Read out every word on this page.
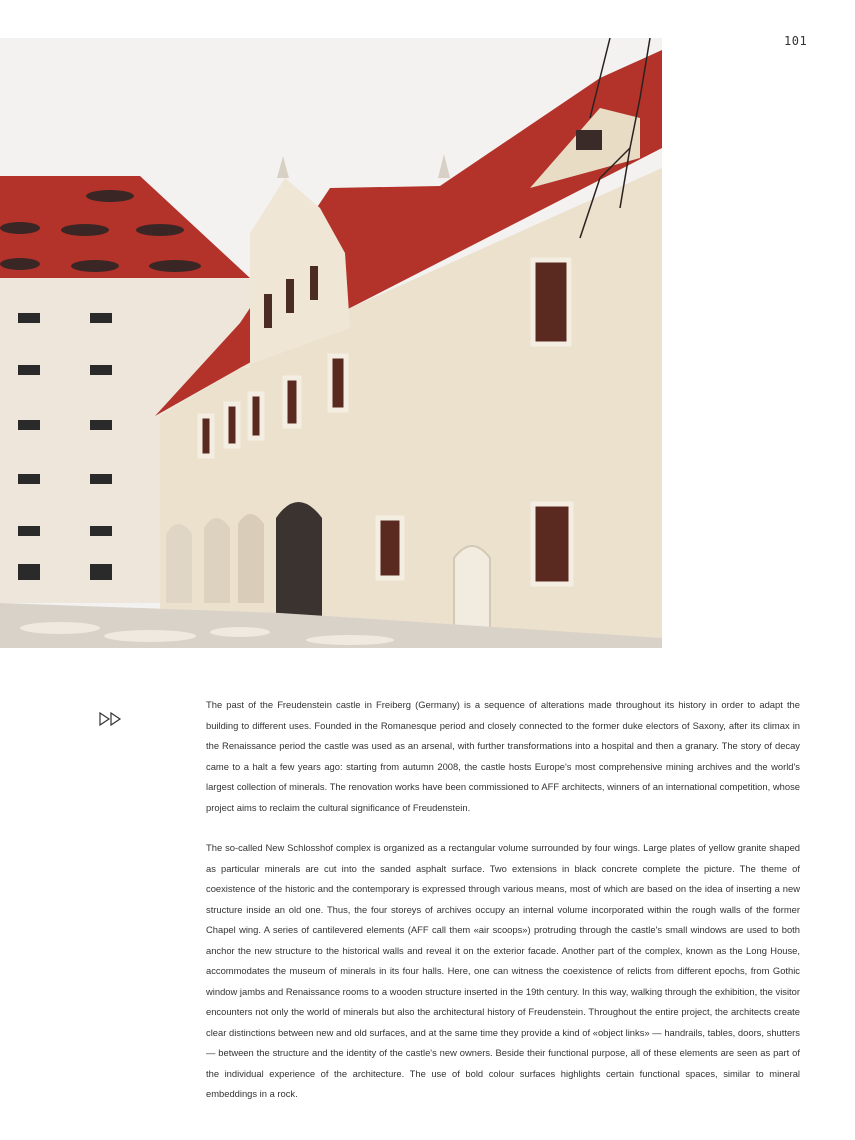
101

The past of the Freudenstein castle in Freiberg (Germany) is a sequence of alterations made throughout its history in order to adapt the building to different uses. Founded in the Romanesque period and closely connected to the former duke electors of Saxony, after its climax in the Renaissance period the castle was used as an arsenal, with further transformations into a hospital and then a granary. The story of decay came to a halt a few years ago: starting from autumn 2008, the castle hosts Europe's most comprehensive mining archives and the world's largest collection of minerals. The renovation works have been commissioned to AFF architects, winners of an international competition, whose project aims to reclaim the cultural significance of Freudenstein.

The so-called New Schlosshof complex is organized as a rectangular volume surrounded by four wings. Large plates of yellow granite shaped as particular minerals are cut into the sanded asphalt surface. Two extensions in black concrete complete the picture. The theme of coexistence of the historic and the contemporary is expressed through various means, most of which are based on the idea of inserting a new structure inside an old one. Thus, the four storeys of archives occupy an internal volume incorporated within the rough walls of the former Chapel wing. A series of cantilevered elements (AFF call them «air scoops») protruding through the castle's small windows are used to both anchor the new structure to the historical walls and reveal it on the exterior facade. Another part of the complex, known as the Long House, accommodates the museum of minerals in its four halls. Here, one can witness the coexistence of relicts from different epochs, from Gothic window jambs and Renaissance rooms to a wooden structure inserted in the 19th century. In this way, walking through the exhibition, the visitor encounters not only the world of minerals but also the architectural history of Freudenstein. Throughout the entire project, the architects create clear distinctions between new and old surfaces, and at the same time they provide a kind of «object links» — handrails, tables, doors, shutters — between the structure and the identity of the castle's new owners. Beside their functional purpose, all of these elements are seen as part of the individual experience of the architecture. The use of bold colour surfaces highlights certain functional spaces, similar to mineral embeddings in a rock.
